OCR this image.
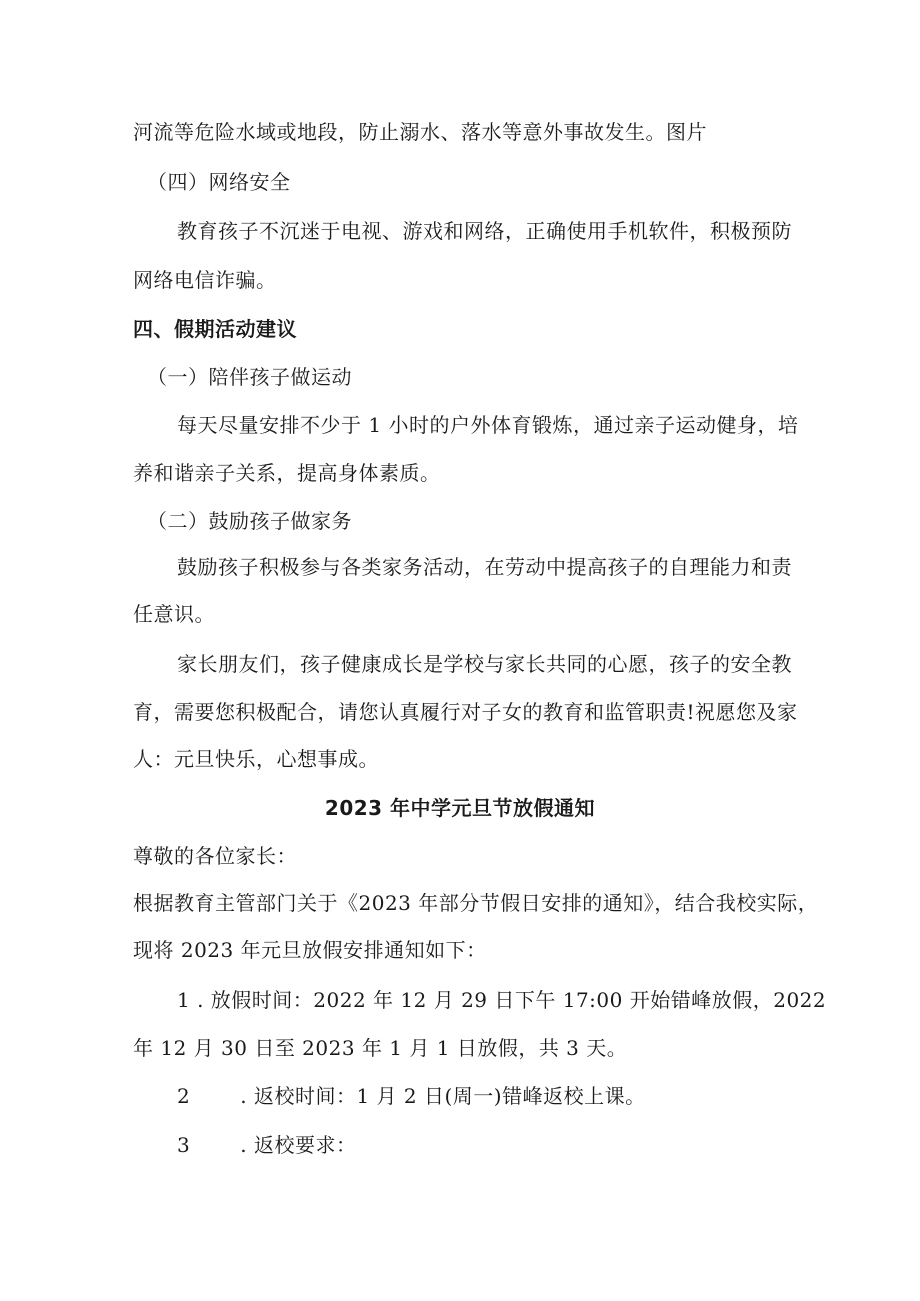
河流等危险水域或地段，防止溺水、落水等意外事故发生。图片
（四）网络安全
教育孩子不沉迷于电视、游戏和网络，正确使用手机软件，积极预防
网络电信诈骗。
四、假期活动建议
（一）陪伴孩子做运动
每天尽量安排不少于 1 小时的户外体育锻炼，通过亲子运动健身，培
养和谐亲子关系，提高身体素质。
（二）鼓励孩子做家务
鼓励孩子积极参与各类家务活动，在劳动中提高孩子的自理能力和责
任意识。
家长朋友们，孩子健康成长是学校与家长共同的心愿，孩子的安全教
育，需要您积极配合，请您认真履行对子女的教育和监管职责!祝愿您及家
人：元旦快乐，心想事成。
2023 年中学元旦节放假通知
尊敬的各位家长：
根据教育主管部门关于《2023 年部分节假日安排的通知》，结合我校实际，
现将 2023 年元旦放假安排通知如下：
1 . 放假时间：2022 年 12 月 29 日下午 17:00 开始错峰放假，2022
年 12 月 30 日至 2023 年 1 月 1 日放假，共 3 天。
2	. 返校时间：1 月 2 日(周一)错峰返校上课。
3	. 返校要求：
